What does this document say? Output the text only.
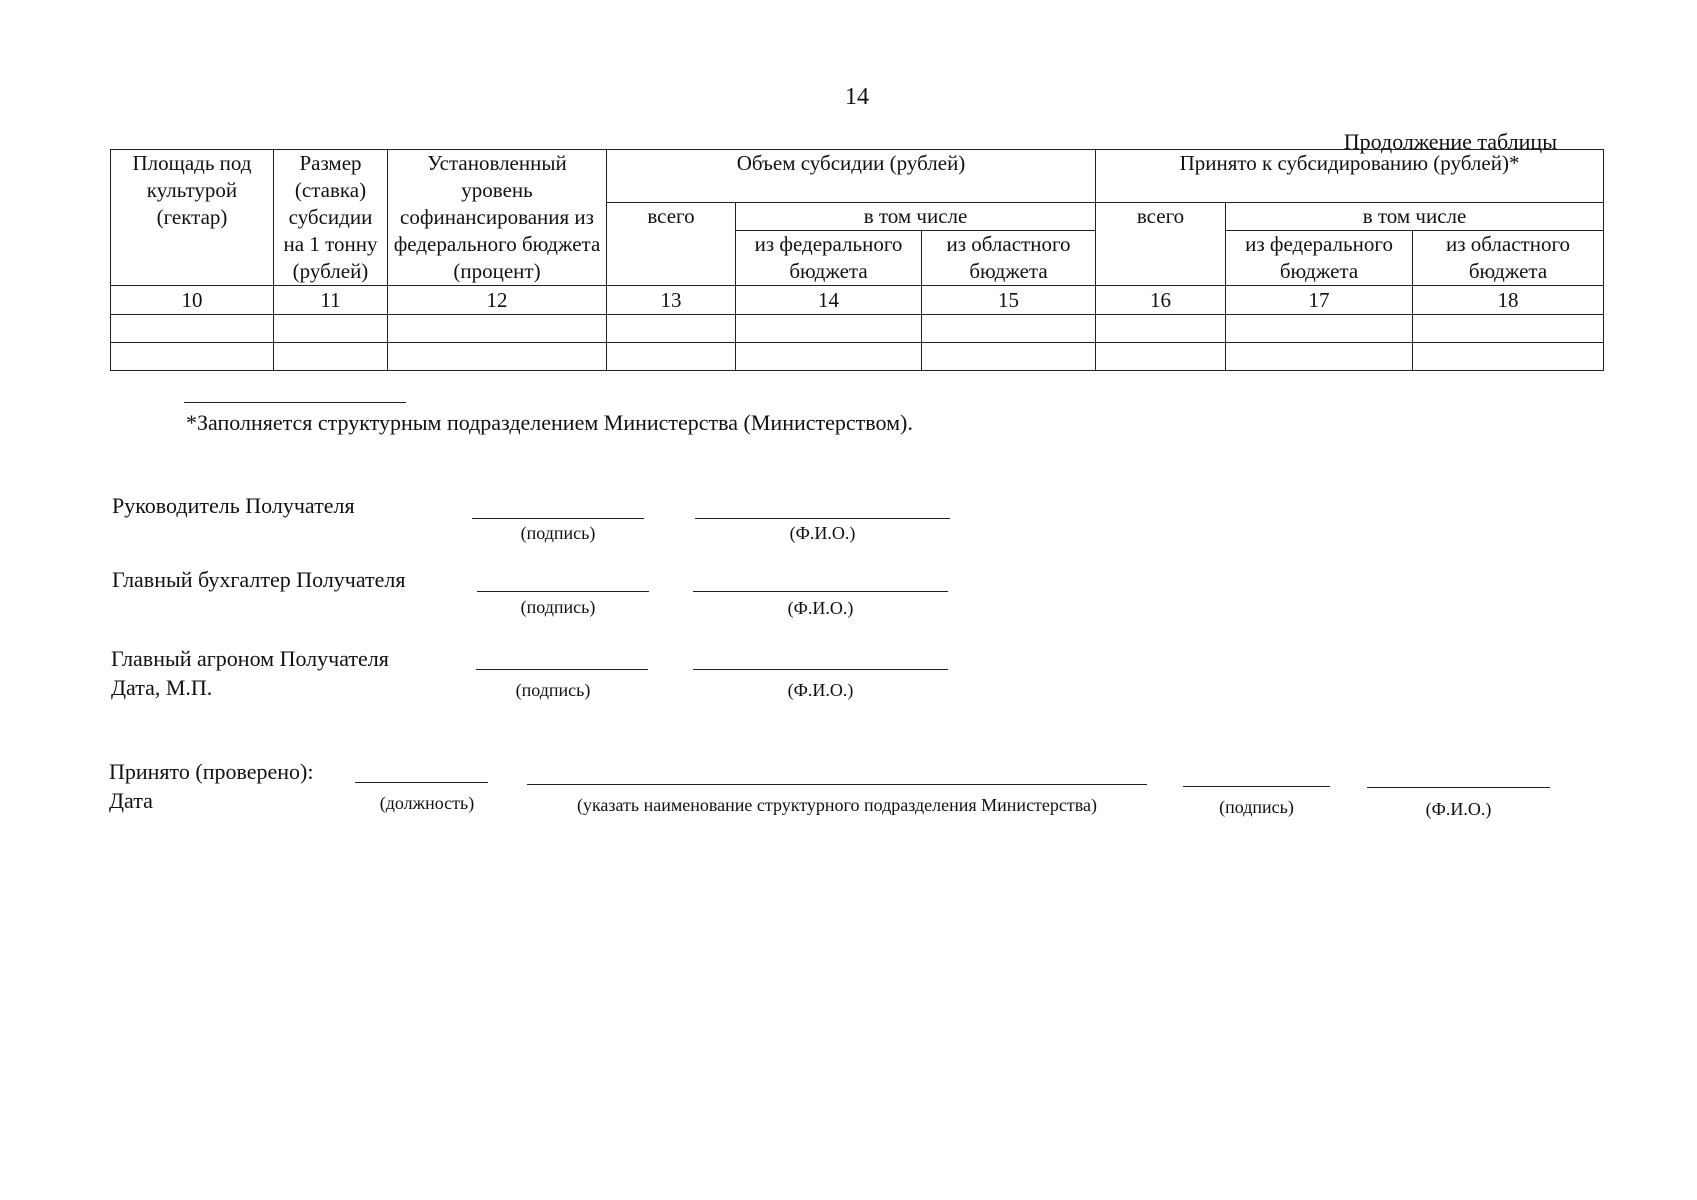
14
Продолжение таблицы
Площадь под культурой (гектар)	Размер (ставка) субсидии на 1 тонну (рублей)	Установленный уровень софинансирования из федерального бюджета (процент)	Объем субсидии (рублей)			Принято к субсидированию (рублей)*		
			всего	в том числе		всего	в том числе	
				из федерального бюджета	из областного бюджета		из федерального бюджета	из областного бюджета
10	11	12	13	14	15	16	17	18

*Заполняется структурным подразделением Министерства (Министерством).
Руководитель Получателя
(подпись)	(Ф.И.О.)
Главный бухгалтер Получателя
(подпись)	(Ф.И.О.)
Главный агроном Получателя
Дата, М.П.	(подпись)	(Ф.И.О.)
Принято (проверено):
Дата	(должность)	(указать наименование структурного подразделения Министерства)	(подпись)	(Ф.И.О.)
